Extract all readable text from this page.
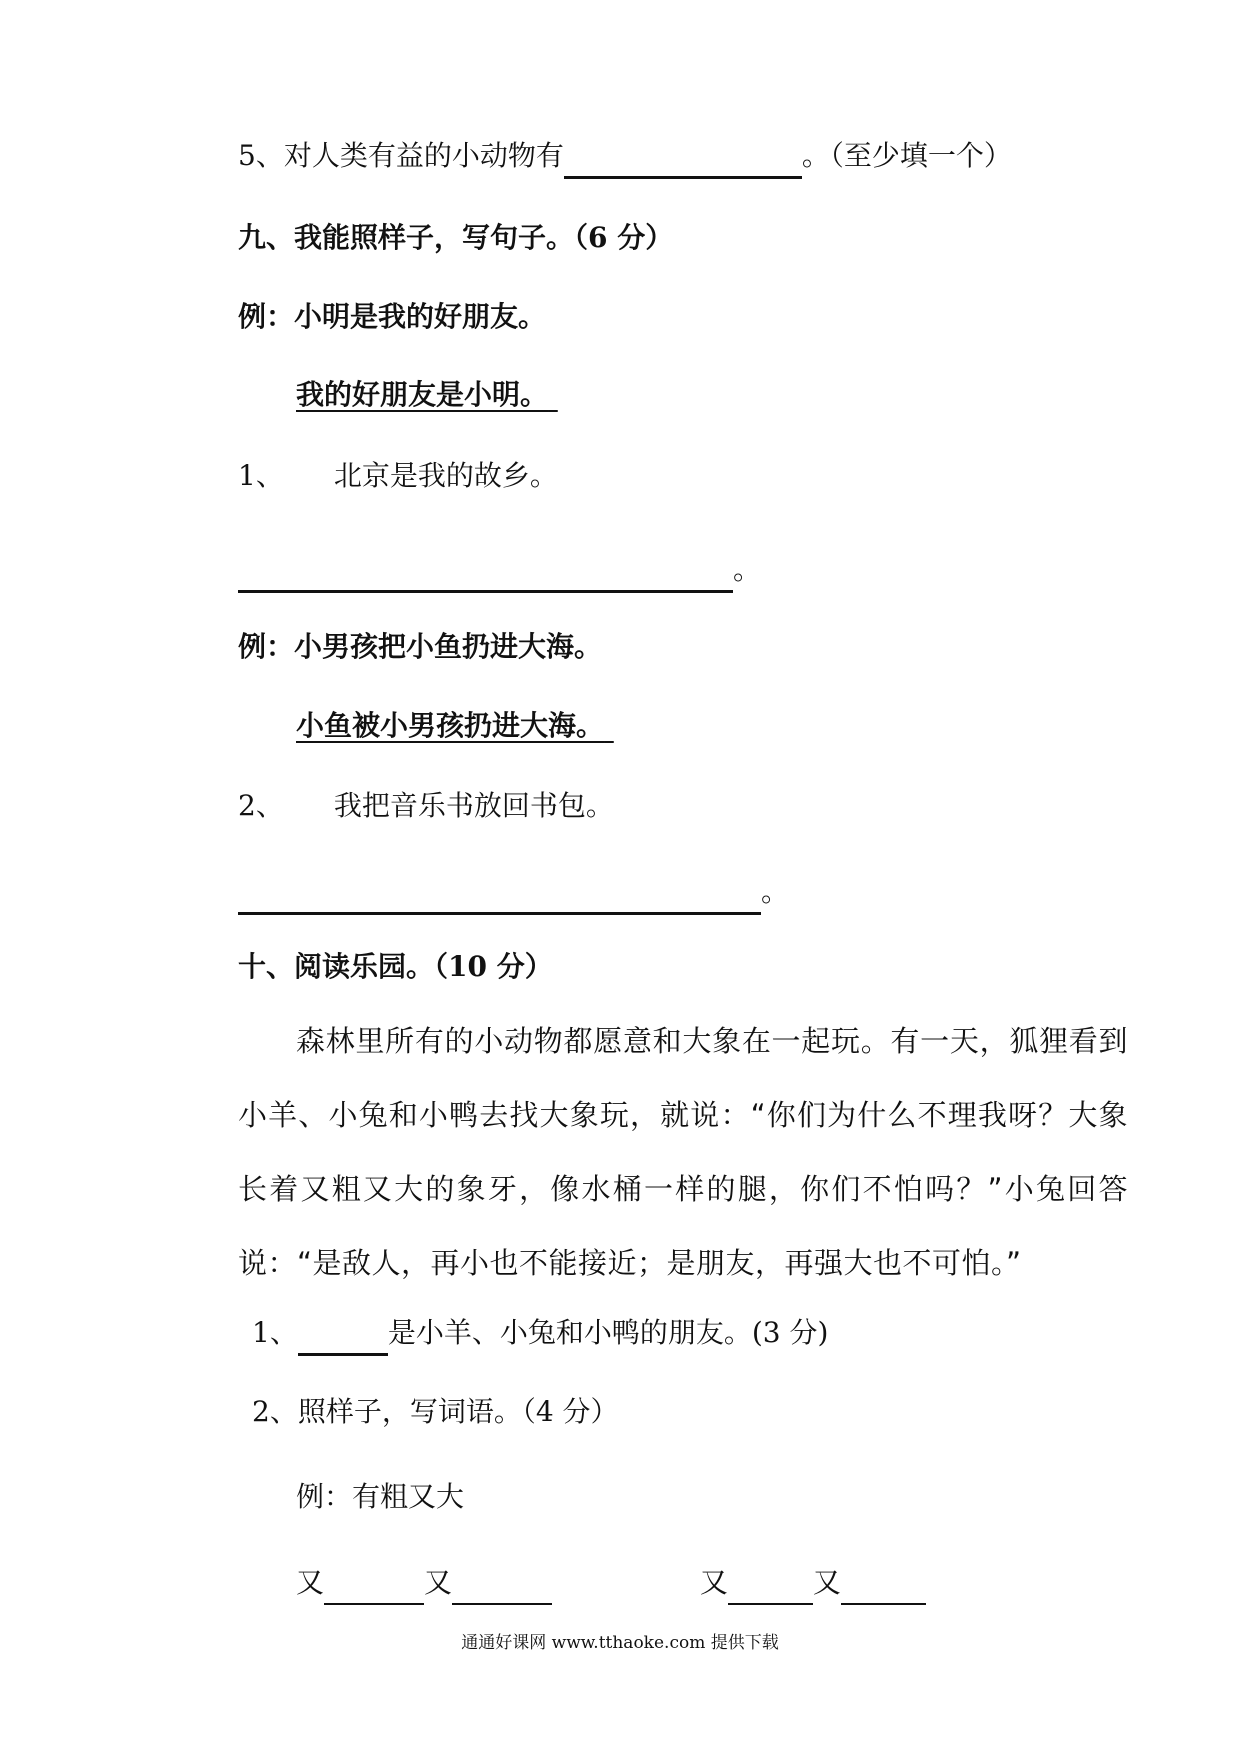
5、对人类有益的小动物有	。（至少填一个）
九、我能照样子，写句子。（6 分）
例：小明是我的好朋友。
我的好朋友是小明。
1、 北京是我的故乡。
。
例：小男孩把小鱼扔进大海。
小鱼被小男孩扔进大海。
2、 我把音乐书放回书包。
。
十、阅读乐园。（10 分）
森林里所有的小动物都愿意和大象在一起玩。有一天，狐狸看到小羊、小兔和小鸭去找大象玩，就说：“你们为什么不理我呀？大象长着又粗又大的象牙，像水桶一样的腿，你们不怕吗？”小兔回答说：“是敌人，再小也不能接近；是朋友，再强大也不可怕。”
1、	是小羊、小兔和小鸭的朋友。(3 分)
2、照样子，写词语。（4 分）
例：有粗又大
又	又	又	又
通通好课网 www.tthaoke.com 提供下载
